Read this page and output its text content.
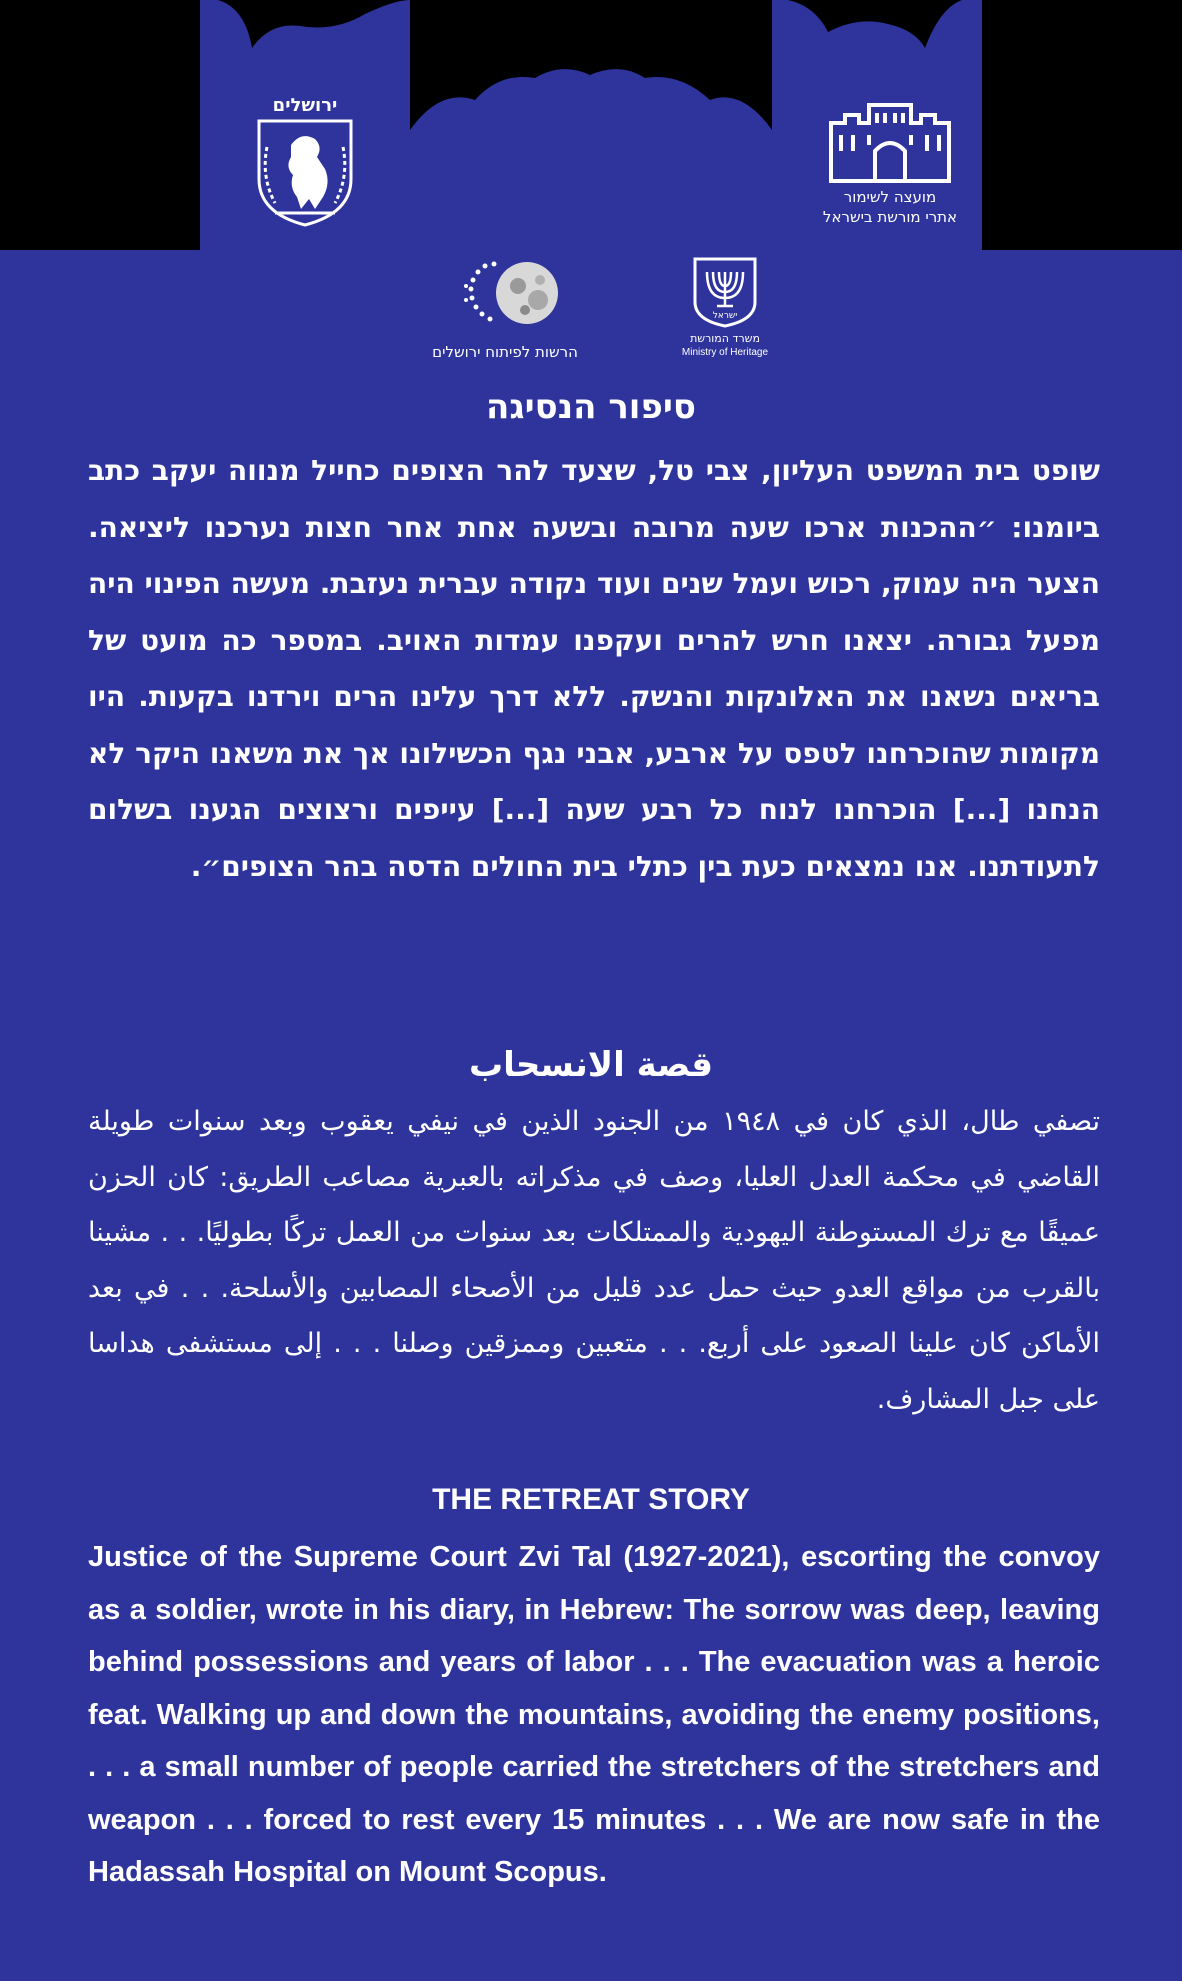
ירושלים
מועצה לשימור
אתרי מורשת בישראל
הרשות לפיתוח ירושלים
ישראל
משרד המורשת
Ministry of Heritage
סיפור הנסיגה

שופט בית המשפט העליון, צבי טל, שצעד להר הצופים כחייל מנווה יעקב כתב ביומנו: ״ההכנות ארכו שעה מרובה ובשעה אחת אחר חצות נערכנו ליציאה. הצער היה עמוק, רכוש ועמל שנים ועוד נקודה עברית נעזבת. מעשה הפינוי היה מפעל גבורה. יצאנו חרש להרים ועקפנו עמדות האויב. במספר כה מועט של בריאים נשאנו את האלונקות והנשק. ללא דרך עלינו הרים וירדנו בקעות. היו מקומות שהוכרחנו לטפס על ארבע, אבני נגף הכשילונו אך את משאנו היקר לא הנחנו [...] הוכרחנו לנוח כל רבע שעה [...] עייפים ורצוצים הגענו בשלום לתעודתנו. אנו נמצאים כעת בין כתלי בית החולים הדסה בהר הצופים״.

قصة الانسحاب

تصفي طال، الذي كان في ١٩٤٨ من الجنود الذين في نيفي يعقوب وبعد سنوات طويلة القاضي في محكمة العدل العليا، وصف في مذكراته بالعبرية مصاعب الطريق: كان الحزن عميقًا مع ترك المستوطنة اليهودية والممتلكات بعد سنوات من العمل تركًا بطوليًا. . . مشينا بالقرب من مواقع العدو حيث حمل عدد قليل من الأصحاء المصابين والأسلحة. . . في بعد الأماكن كان علينا الصعود على أربع. . . متعبين وممزقين وصلنا . . . إلى مستشفى هداسا على جبل المشارف.

THE RETREAT STORY

Justice of the Supreme Court Zvi Tal (1927-2021), escorting the convoy as a soldier, wrote in his diary, in Hebrew: The sorrow was deep, leaving behind possessions and years of labor . . . The evacuation was a heroic feat. Walking up and down the mountains, avoiding the enemy positions, . . . a small number of people carried the stretchers of the stretchers and weapon . . . forced to rest every 15 minutes . . . We are now safe in the Hadassah Hospital on Mount Scopus.
